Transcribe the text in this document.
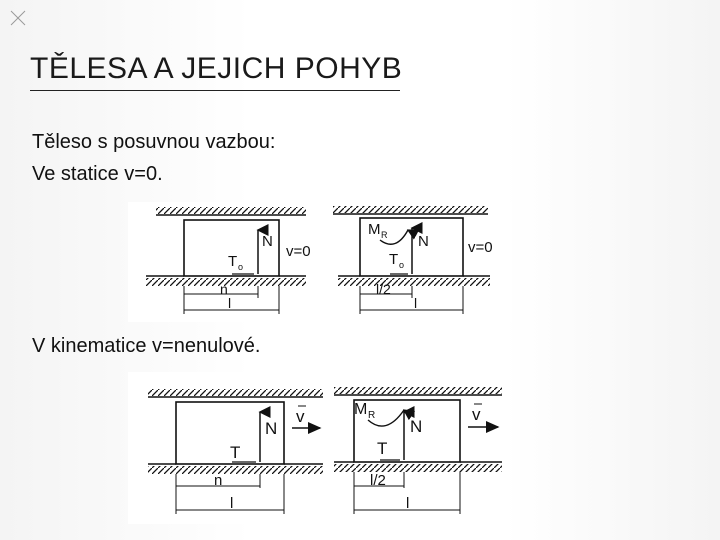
TĚLESA A JEJICH POHYB
Těleso s posuvnou vazbou:
Ve statice v=0.
N
v=0
T o
n
l
M R N	v=0
T o
l/2
l
V kinematice v=nenulové.
N
v
T
n
l
M R
N
v
T
l/2
l
